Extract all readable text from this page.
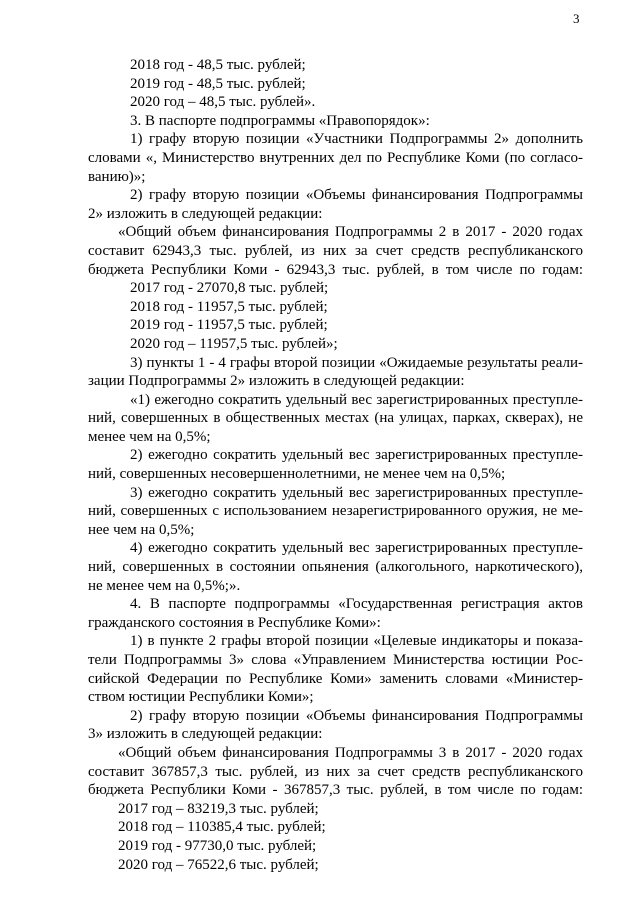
3
2018 год - 48,5 тыс. рублей;
2019 год - 48,5 тыс. рублей;
2020 год – 48,5 тыс. рублей».
3. В паспорте подпрограммы «Правопорядок»:
1) графу вторую позиции «Участники Подпрограммы 2» дополнить
словами «, Министерство внутренних дел по Республике Коми (по согласо-
ванию)»;
2) графу вторую позиции «Объемы финансирования Подпрограммы
2» изложить в следующей редакции:
«Общий объем финансирования Подпрограммы 2 в 2017 - 2020 годах
составит 62943,3 тыс. рублей, из них за счет средств республиканского
бюджета Республики Коми - 62943,3 тыс. рублей, в том числе по годам:
2017 год - 27070,8 тыс. рублей;
2018 год - 11957,5 тыс. рублей;
2019 год - 11957,5 тыс. рублей;
2020 год – 11957,5 тыс. рублей»;
3) пункты 1 - 4 графы второй позиции «Ожидаемые результаты реали-
зации Подпрограммы 2» изложить в следующей редакции:
«1) ежегодно сократить удельный вес зарегистрированных преступле-
ний, совершенных в общественных местах (на улицах, парках, скверах), не
менее чем на 0,5%;
2) ежегодно сократить удельный вес зарегистрированных преступле-
ний, совершенных несовершеннолетними, не менее чем на 0,5%;
3) ежегодно сократить удельный вес зарегистрированных преступле-
ний, совершенных с использованием незарегистрированного оружия, не ме-
нее чем на 0,5%;
4) ежегодно сократить удельный вес зарегистрированных преступле-
ний, совершенных в состоянии опьянения (алкогольного, наркотического),
не менее чем на 0,5%;».
4. В паспорте подпрограммы «Государственная регистрация актов
гражданского состояния в Республике Коми»:
1) в пункте 2 графы второй позиции «Целевые индикаторы и показа-
тели Подпрограммы 3» слова «Управлением Министерства юстиции Рос-
сийской Федерации по Республике Коми» заменить словами «Министер-
ством юстиции Республики Коми»;
2) графу вторую позиции «Объемы финансирования Подпрограммы
3» изложить в следующей редакции:
«Общий объем финансирования Подпрограммы 3 в 2017 - 2020 годах
составит 367857,3 тыс. рублей, из них за счет средств республиканского
бюджета Республики Коми - 367857,3 тыс. рублей, в том числе по годам:
2017 год – 83219,3 тыс. рублей;
2018 год – 110385,4 тыс. рублей;
2019 год - 97730,0 тыс. рублей;
2020 год – 76522,6 тыс. рублей;
